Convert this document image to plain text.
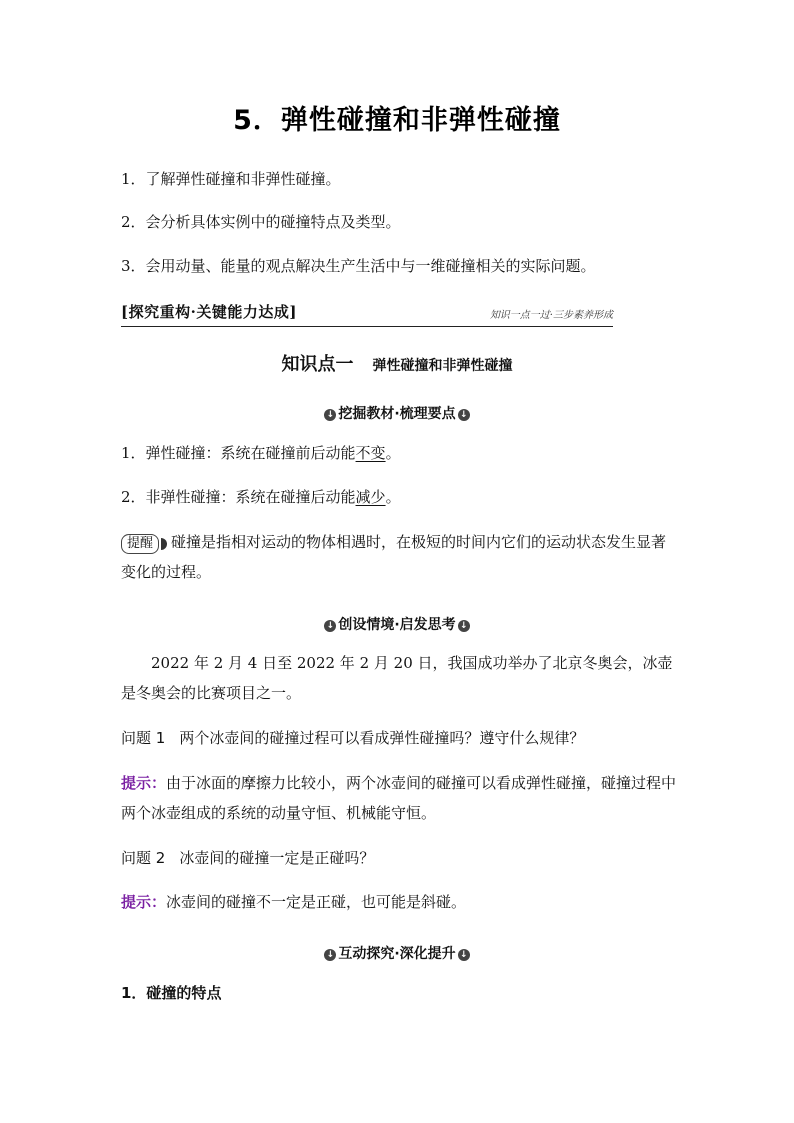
5．弹性碰撞和非弹性碰撞
1．了解弹性碰撞和非弹性碰撞。
2．会分析具体实例中的碰撞特点及类型。
3．会用动量、能量的观点解决生产生活中与一维碰撞相关的实际问题。
[探究重构·关键能力达成]	知识一点一过·三步素养形成
知识点一 弹性碰撞和非弹性碰撞
↓ 挖掘教材·梳理要点 ↓
1．弹性碰撞：系统在碰撞前后动能不变。
2．非弹性碰撞：系统在碰撞后动能减少。
提醒 碰撞是指相对运动的物体相遇时，在极短的时间内它们的运动状态发生显著变化的过程。
↓ 创设情境·启发思考 ↓
2022 年 2 月 4 日至 2022 年 2 月 20 日，我国成功举办了北京冬奥会，冰壶是冬奥会的比赛项目之一。
问题 1 两个冰壶间的碰撞过程可以看成弹性碰撞吗？遵守什么规律？
提示：由于冰面的摩擦力比较小，两个冰壶间的碰撞可以看成弹性碰撞，碰撞过程中两个冰壶组成的系统的动量守恒、机械能守恒。
问题 2 冰壶间的碰撞一定是正碰吗？
提示：冰壶间的碰撞不一定是正碰，也可能是斜碰。
↓ 互动探究·深化提升 ↓
1．碰撞的特点
